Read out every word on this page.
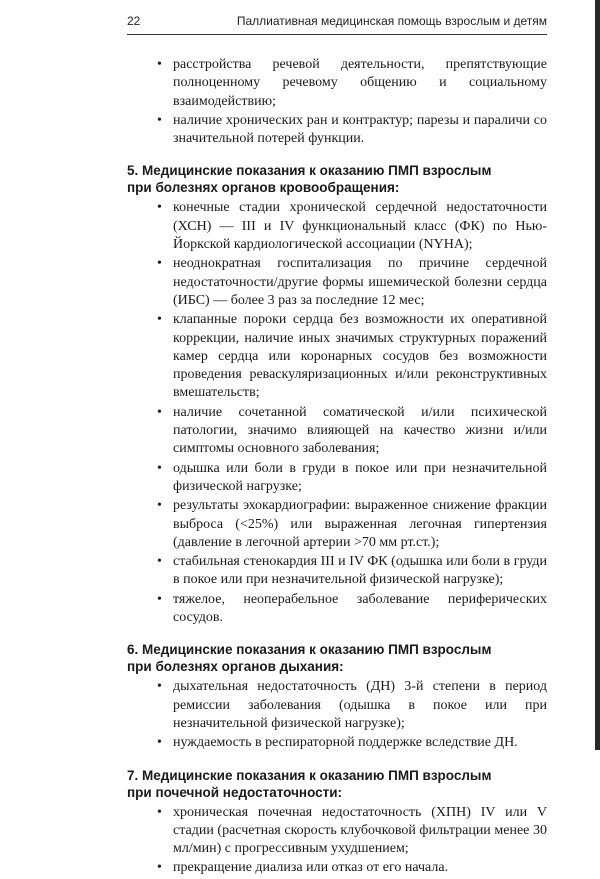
22	Паллиативная медицинская помощь взрослым и детям
• расстройства речевой деятельности, препятствующие полноценному речевому общению и социальному взаимодействию;
• наличие хронических ран и контрактур; парезы и параличи со значительной потерей функции.
5. Медицинские показания к оказанию ПМП взрослым
при болезнях органов кровообращения:
• конечные стадии хронической сердечной недостаточности (ХСН) — III и IV функциональный класс (ФК) по Нью-Йоркской кардиологической ассоциации (NYHA);
• неоднократная госпитализация по причине сердечной недостаточности/другие формы ишемической болезни сердца (ИБС) — более 3 раз за последние 12 мес;
• клапанные пороки сердца без возможности их оперативной коррекции, наличие иных значимых структурных поражений камер сердца или коронарных сосудов без возможности проведения реваскуляризационных и/или реконструктивных вмешательств;
• наличие сочетанной соматической и/или психической патологии, значимо влияющей на качество жизни и/или симптомы основного заболевания;
• одышка или боли в груди в покое или при незначительной физической нагрузке;
• результаты эхокардиографии: выраженное снижение фракции выброса (<25%) или выраженная легочная гипертензия (давление в легочной артерии >70 мм рт.ст.);
• стабильная стенокардия III и IV ФК (одышка или боли в груди в покое или при незначительной физической нагрузке);
• тяжелое, неоперабельное заболевание периферических сосудов.
6. Медицинские показания к оказанию ПМП взрослым
при болезнях органов дыхания:
• дыхательная недостаточность (ДН) 3-й степени в период ремиссии заболевания (одышка в покое или при незначительной физической нагрузке);
• нуждаемость в респираторной поддержке вследствие ДН.
7. Медицинские показания к оказанию ПМП взрослым
при почечной недостаточности:
• хроническая почечная недостаточность (ХПН) IV или V стадии (расчетная скорость клубочковой фильтрации менее 30 мл/мин) с прогрессивным ухудшением;
• прекращение диализа или отказ от его начала.
